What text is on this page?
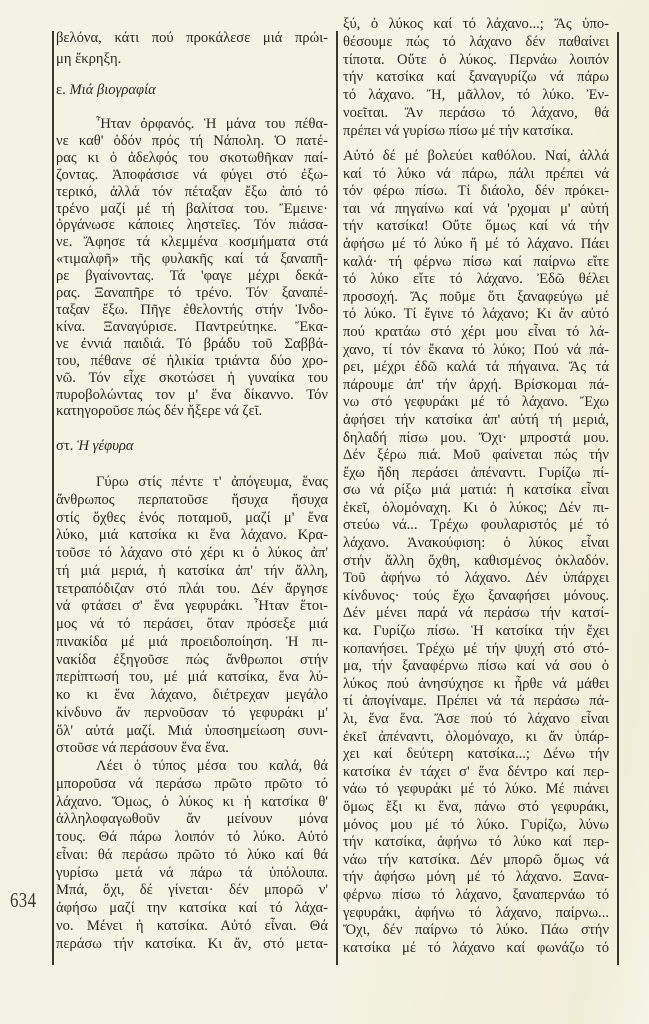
634
βελόνα, κάτι πού προκάλεσε μιά πρώι-
μη ἔκρηξη.
ε. Μιά βιογραφία
Ἦταν ὀρφανός. Ἡ μάνα του πέθα-
νε καθ' ὁδόν πρός τή Νάπολη. Ὁ πατέ-
ρας κι ὁ ἀδελφός του σκοτωθῆκαν παί-
ζοντας. Ἀποφάσισε νά φύγει στό ἐξω-
τερικό, ἀλλά τόν πέταξαν ἔξω ἀπό τό
τρένο μαζί μέ τή βαλίτσα του. Ἔμεινε·
ὀργάνωσε κάποιες ληστεῖες. Τόν πιάσα-
νε. Ἄφησε τά κλεμμένα κοσμήματα στά
«τιμαλφῆ» τῆς φυλακῆς καί τά ξαναπῆ-
ρε βγαίνοντας. Τά 'φαγε μέχρι δεκά-
ρας. Ξαναπῆρε τό τρένο. Τόν ξαναπέ-
ταξαν ἔξω. Πῆγε ἐθελοντής στήν Ἰνδο-
κίνα. Ξαναγύρισε. Παντρεύτηκε. Ἔκα-
νε ἐννιά παιδιά. Τό βράδυ τοῦ Σαββά-
του, πέθανε σέ ἡλικία τριάντα δύο χρο-
νῶ. Τόν εἶχε σκοτώσει ἡ γυναίκα του
πυροβολώντας τον μ' ἕνα δίκαννο. Τόν
κατηγοροῦσε πώς δέν ἤξερε νά ζεῖ.
στ. Ἡ γέφυρα
Γύρω στίς πέντε τ' ἀπόγευμα, ἕνας
ἄνθρωπος περπατοῦσε ἥσυχα ἥσυχα
στίς ὄχθες ἑνός ποταμοῦ, μαζί μ' ἕνα
λύκο, μιά κατσίκα κι ἕνα λάχανο. Κρα-
τοῦσε τό λάχανο στό χέρι κι ὁ λύκος ἀπ'
τή μιά μεριά, ἡ κατσίκα ἀπ' τήν ἄλλη,
τετραπόδιζαν στό πλάι του. Δέν ἄργησε
νά φτάσει σ' ἕνα γεφυράκι. Ἦταν ἕτοι-
μος νά τό περάσει, ὅταν πρόσεξε μιά
πινακίδα μέ μιά προειδοποίηση. Ἡ πι-
νακίδα ἐξηγοῦσε πώς ἄνθρωποι στήν
περίπτωσή του, μέ μιά κατσίκα, ἕνα λύ-
κο κι ἕνα λάχανο, διέτρεχαν μεγάλο
κίνδυνο ἄν περνοῦσαν τό γεφυράκι μ'
ὅλ' αὐτά μαζί. Μιά ὑποσημείωση συνι-
στοῦσε νά περάσουν ἕνα ἕνα.
Λέει ὁ τύπος μέσα του καλά, θά
μποροῦσα νά περάσω πρῶτο πρῶτο τό
λάχανο. Ὅμως, ὁ λύκος κι ἡ κατσίκα θ'
ἀλληλοφαγωθοῦν ἄν μείνουν μόνα
τους. Θά πάρω λοιπόν τό λύκο. Αὐτό
εἶναι: θά περάσω πρῶτο τό λύκο καί θά
γυρίσω μετά νά πάρω τά ὑπόλοιπα.
Μπά, ὄχι, δέ γίνεται· δέν μπορῶ ν'
ἀφήσω μαζί την κατσίκα καί τό λάχα-
νο. Μένει ἡ κατσίκα. Αὐτό εἶναι. Θά
περάσω τήν κατσίκα. Κι ἄν, στό μετα-
ξύ, ὁ λύκος καί τό λάχανο...; Ἄς ὑπο-
θέσουμε πώς τό λάχανο δέν παθαίνει
τίποτα. Οὔτε ὁ λύκος. Περνάω λοιπόν
τήν κατσίκα καί ξαναγυρίζω νά πάρω
τό λάχανο. Ἤ, μᾶλλον, τό λύκο. Ἐν-
νοεῖται. Ἄν περάσω τό λάχανο, θά
πρέπει νά γυρίσω πίσω μέ τήν κατσίκα.
Αὐτό δέ μέ βολεύει καθόλου. Ναί, ἀλλά
καί τό λύκο νά πάρω, πάλι πρέπει νά
τόν φέρω πίσω. Τί διάολο, δέν πρόκει-
ται νά πηγαίνω καί νά 'ρχομαι μ' αὐτή
τήν κατσίκα! Οὔτε ὅμως καί νά τήν
ἀφήσω μέ τό λύκο ἤ μέ τό λάχανο. Πάει
καλά· τή φέρνω πίσω καί παίρνω εἴτε
τό λύκο εἴτε τό λάχανο. Ἐδῶ θέλει
προσοχή. Ἄς ποῦμε ὅτι ξαναφεύγω μέ
τό λύκο. Τί ἔγινε τό λάχανο; Κι ἄν αὐτό
πού κρατάω στό χέρι μου εἶναι τό λά-
χανο, τί τόν ἔκανα τό λύκο; Πού νά πά-
ρει, μέχρι ἐδῶ καλά τά πήγαινα. Ἄς τά
πάρουμε ἀπ' τήν ἀρχή. Βρίσκομαι πά-
νω στό γεφυράκι μέ τό λάχανο. Ἔχω
ἀφήσει τήν κατσίκα ἀπ' αὐτή τή μεριά,
δηλαδή πίσω μου. Ὄχι· μπροστά μου.
Δέν ξέρω πιά. Μοῦ φαίνεται πώς τήν
ἔχω ἤδη περάσει ἀπέναντι. Γυρίζω πί-
σω νά ρίξω μιά ματιά: ἡ κατσίκα εἶναι
ἐκεῖ, ὁλομόναχη. Κι ὁ λύκος; Δέν πι-
στεύω νά... Τρέχω φουλαριστός μέ τό
λάχανο. Ἀνακούφιση: ὁ λύκος εἶναι
στήν ἄλλη ὄχθη, καθισμένος ὀκλαδόν.
Τοῦ ἀφήνω τό λάχανο. Δέν ὑπάρχει
κίνδυνος· τούς ἔχω ξαναφήσει μόνους.
Δέν μένει παρά νά περάσω τήν κατσί-
κα. Γυρίζω πίσω. Ἡ κατσίκα τήν ἔχει
κοπανήσει. Τρέχω μέ τήν ψυχή στό στό-
μα, τήν ξαναφέρνω πίσω καί νά σου ὁ
λύκος πού ἀνησύχησε κι ἦρθε νά μάθει
τί ἀπογίναμε. Πρέπει νά τά περάσω πά-
λι, ἕνα ἕνα. Ἄσε πού τό λάχανο εἶναι
ἐκεῖ ἀπέναντι, ὁλομόναχο, κι ἄν ὑπάρ-
χει καί δεύτερη κατσίκα...; Δένω τήν
κατσίκα ἐν τάχει σ' ἕνα δέντρο καί περ-
νάω τό γεφυράκι μέ τό λύκο. Μέ πιάνει
ὅμως ἔξι κι ἕνα, πάνω στό γεφυράκι,
μόνος μου μέ τό λύκο. Γυρίζω, λύνω
τήν κατσίκα, ἀφήνω τό λύκο καί περ-
νάω τήν κατσίκα. Δέν μπορῶ ὅμως νά
τήν ἀφήσω μόνη μέ τό λάχανο. Ξανα-
φέρνω πίσω τό λάχανο, ξαναπερνάω τό
γεφυράκι, ἀφήνω τό λάχανο, παίρνω...
Ὄχι, δέν παίρνω τό λύκο. Πάω στήν
κατσίκα μέ τό λάχανο καί φωνάζω τό
